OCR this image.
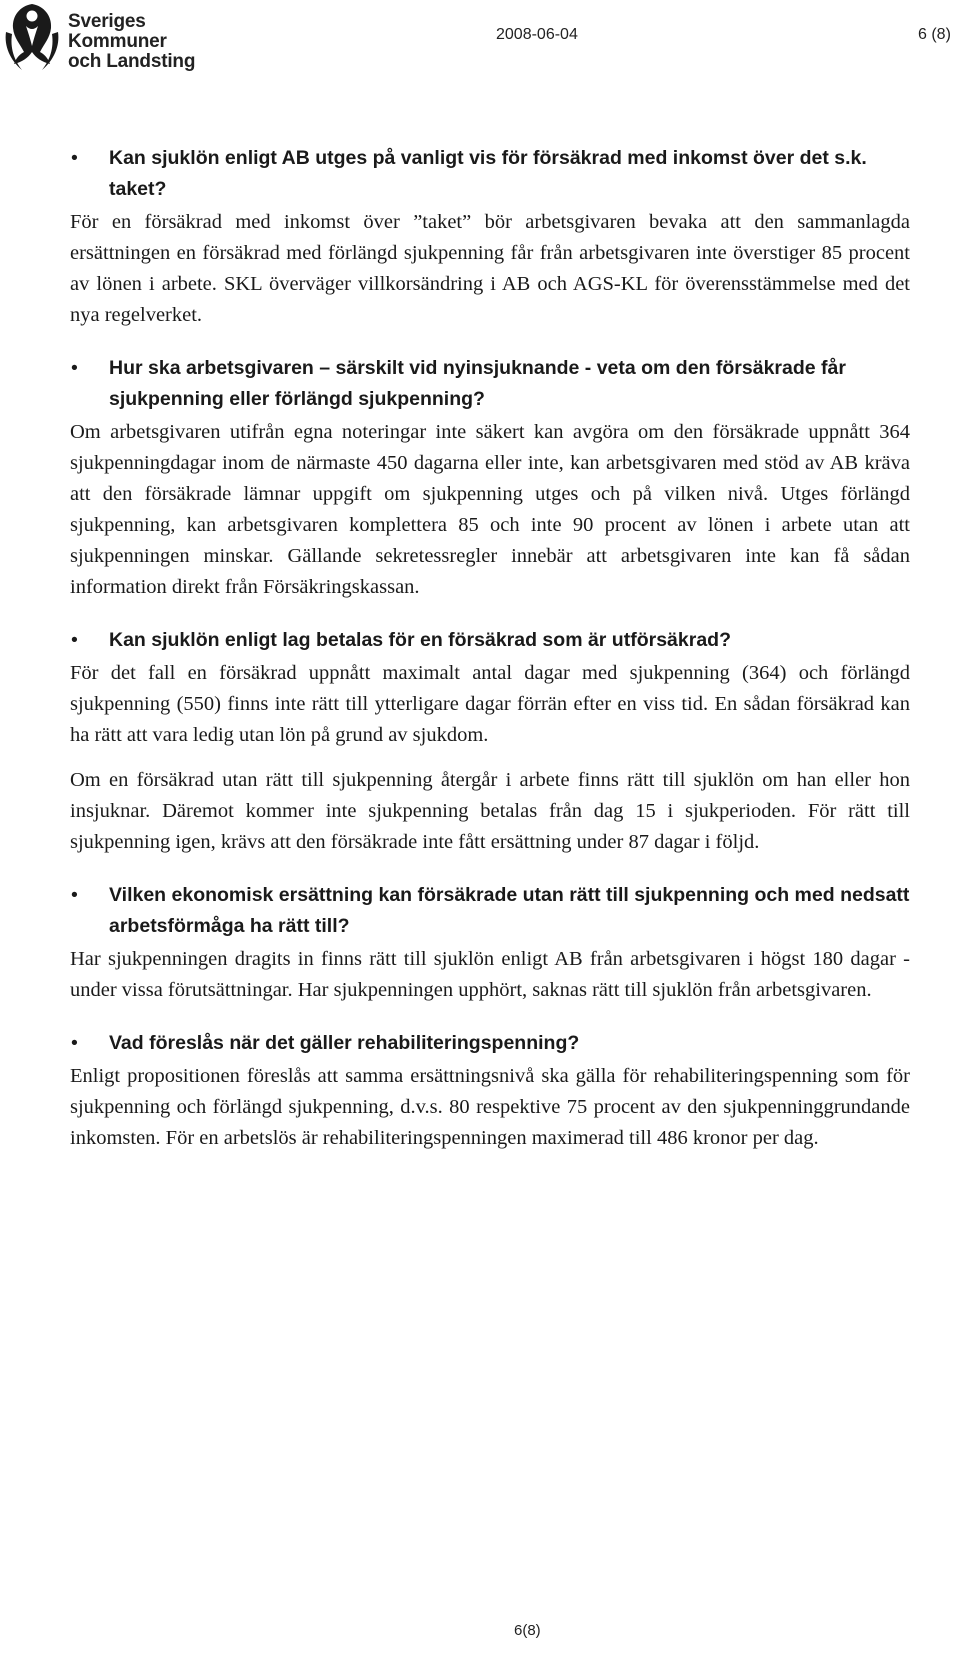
Sveriges
Kommuner
och Landsting
2008-06-04	6 (8)
• Kan sjuklön enligt AB utges på vanligt vis för försäkrad med inkomst över det s.k. taket?
För en försäkrad med inkomst över ”taket” bör arbetsgivaren bevaka att den sammanlagda ersättningen en försäkrad med förlängd sjukpenning får från arbetsgivaren inte överstiger 85 procent av lönen i arbete. SKL överväger villkorsändring i AB och AGS-KL för överensstämmelse med det nya regelverket.
• Hur ska arbetsgivaren – särskilt vid nyinsjuknande - veta om den försäkrade får sjukpenning eller förlängd sjukpenning?
Om arbetsgivaren utifrån egna noteringar inte säkert kan avgöra om den försäkrade uppnått 364 sjukpenningdagar inom de närmaste 450 dagarna eller inte, kan arbetsgivaren med stöd av AB kräva att den försäkrade lämnar uppgift om sjukpenning utges och på vilken nivå. Utges förlängd sjukpenning, kan arbetsgivaren komplettera 85 och inte 90 procent av lönen i arbete utan att sjukpenningen minskar. Gällande sekretessregler innebär att arbetsgivaren inte kan få sådan information direkt från Försäkringskassan.
• Kan sjuklön enligt lag betalas för en försäkrad som är utförsäkrad?
För det fall en försäkrad uppnått maximalt antal dagar med sjukpenning (364) och förlängd sjukpenning (550) finns inte rätt till ytterligare dagar förrän efter en viss tid. En sådan försäkrad kan ha rätt att vara ledig utan lön på grund av sjukdom.
Om en försäkrad utan rätt till sjukpenning återgår i arbete finns rätt till sjuklön om han eller hon insjuknar. Däremot kommer inte sjukpenning betalas från dag 15 i sjukperioden. För rätt till sjukpenning igen, krävs att den försäkrade inte fått ersättning under 87 dagar i följd.
• Vilken ekonomisk ersättning kan försäkrade utan rätt till sjukpenning och med nedsatt arbetsförmåga ha rätt till?
Har sjukpenningen dragits in finns rätt till sjuklön enligt AB från arbetsgivaren i högst 180 dagar - under vissa förutsättningar. Har sjukpenningen upphört, saknas rätt till sjuklön från arbetsgivaren.
• Vad föreslås när det gäller rehabiliteringspenning?
Enligt propositionen föreslås att samma ersättningsnivå ska gälla för rehabiliteringspenning som för sjukpenning och förlängd sjukpenning, d.v.s. 80 respektive 75 procent av den sjukpenninggrundande inkomsten. För en arbetslös är rehabiliteringspenningen maximerad till 486 kronor per dag.
6(8)
